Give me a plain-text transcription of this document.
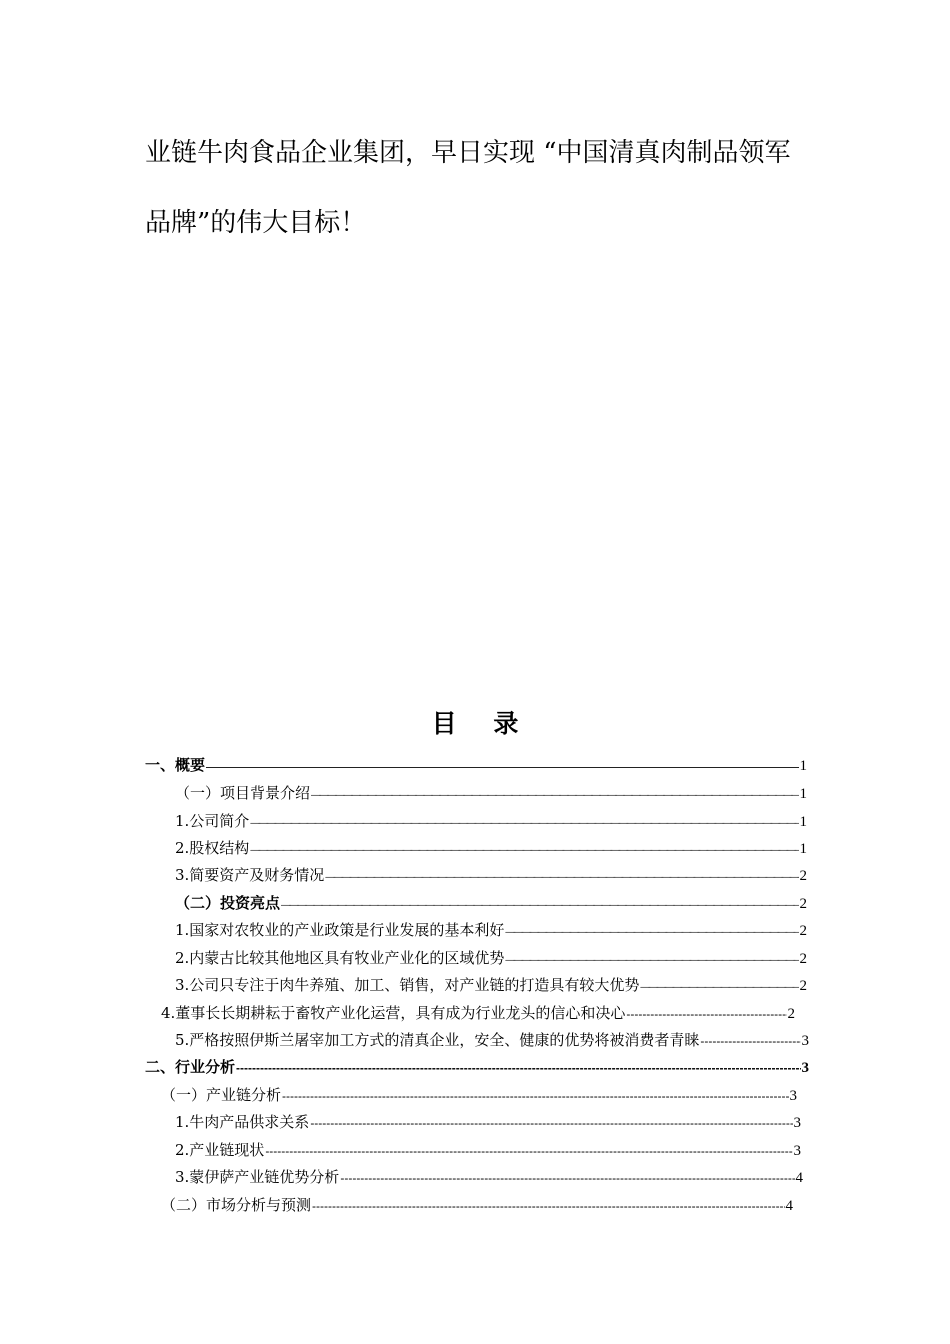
业链牛肉食品企业集团，早日实现 “中国清真肉制品领军
品牌”的伟大目标！
目 录
一、概要 —————	1
（一）项目背景介绍 —————	1
1.公司简介 —————	1
2.股权结构 —————	1
3.简要资产及财务情况 —————	2
（二）投资亮点 —————	2
1.国家对农牧业的产业政策是行业发展的基本利好 —————	2
2.内蒙古比较其他地区具有牧业产业化的区域优势 —————	2
3.公司只专注于肉牛养殖、加工、销售，对产业链的打造具有较大优势 —————	2
4.董事长长期耕耘于畜牧产业化运营，具有成为行业龙头的信心和决心 -----	2
5.严格按照伊斯兰屠宰加工方式的清真企业，安全、健康的优势将被消费者青睐 -----	3
二、行业分析 -----	3
（一）产业链分析 -----	3
1.牛肉产品供求关系 -----	3
2.产业链现状 -----	3
3.蒙伊萨产业链优势分析 -----	4
（二）市场分析与预测 -----	4
